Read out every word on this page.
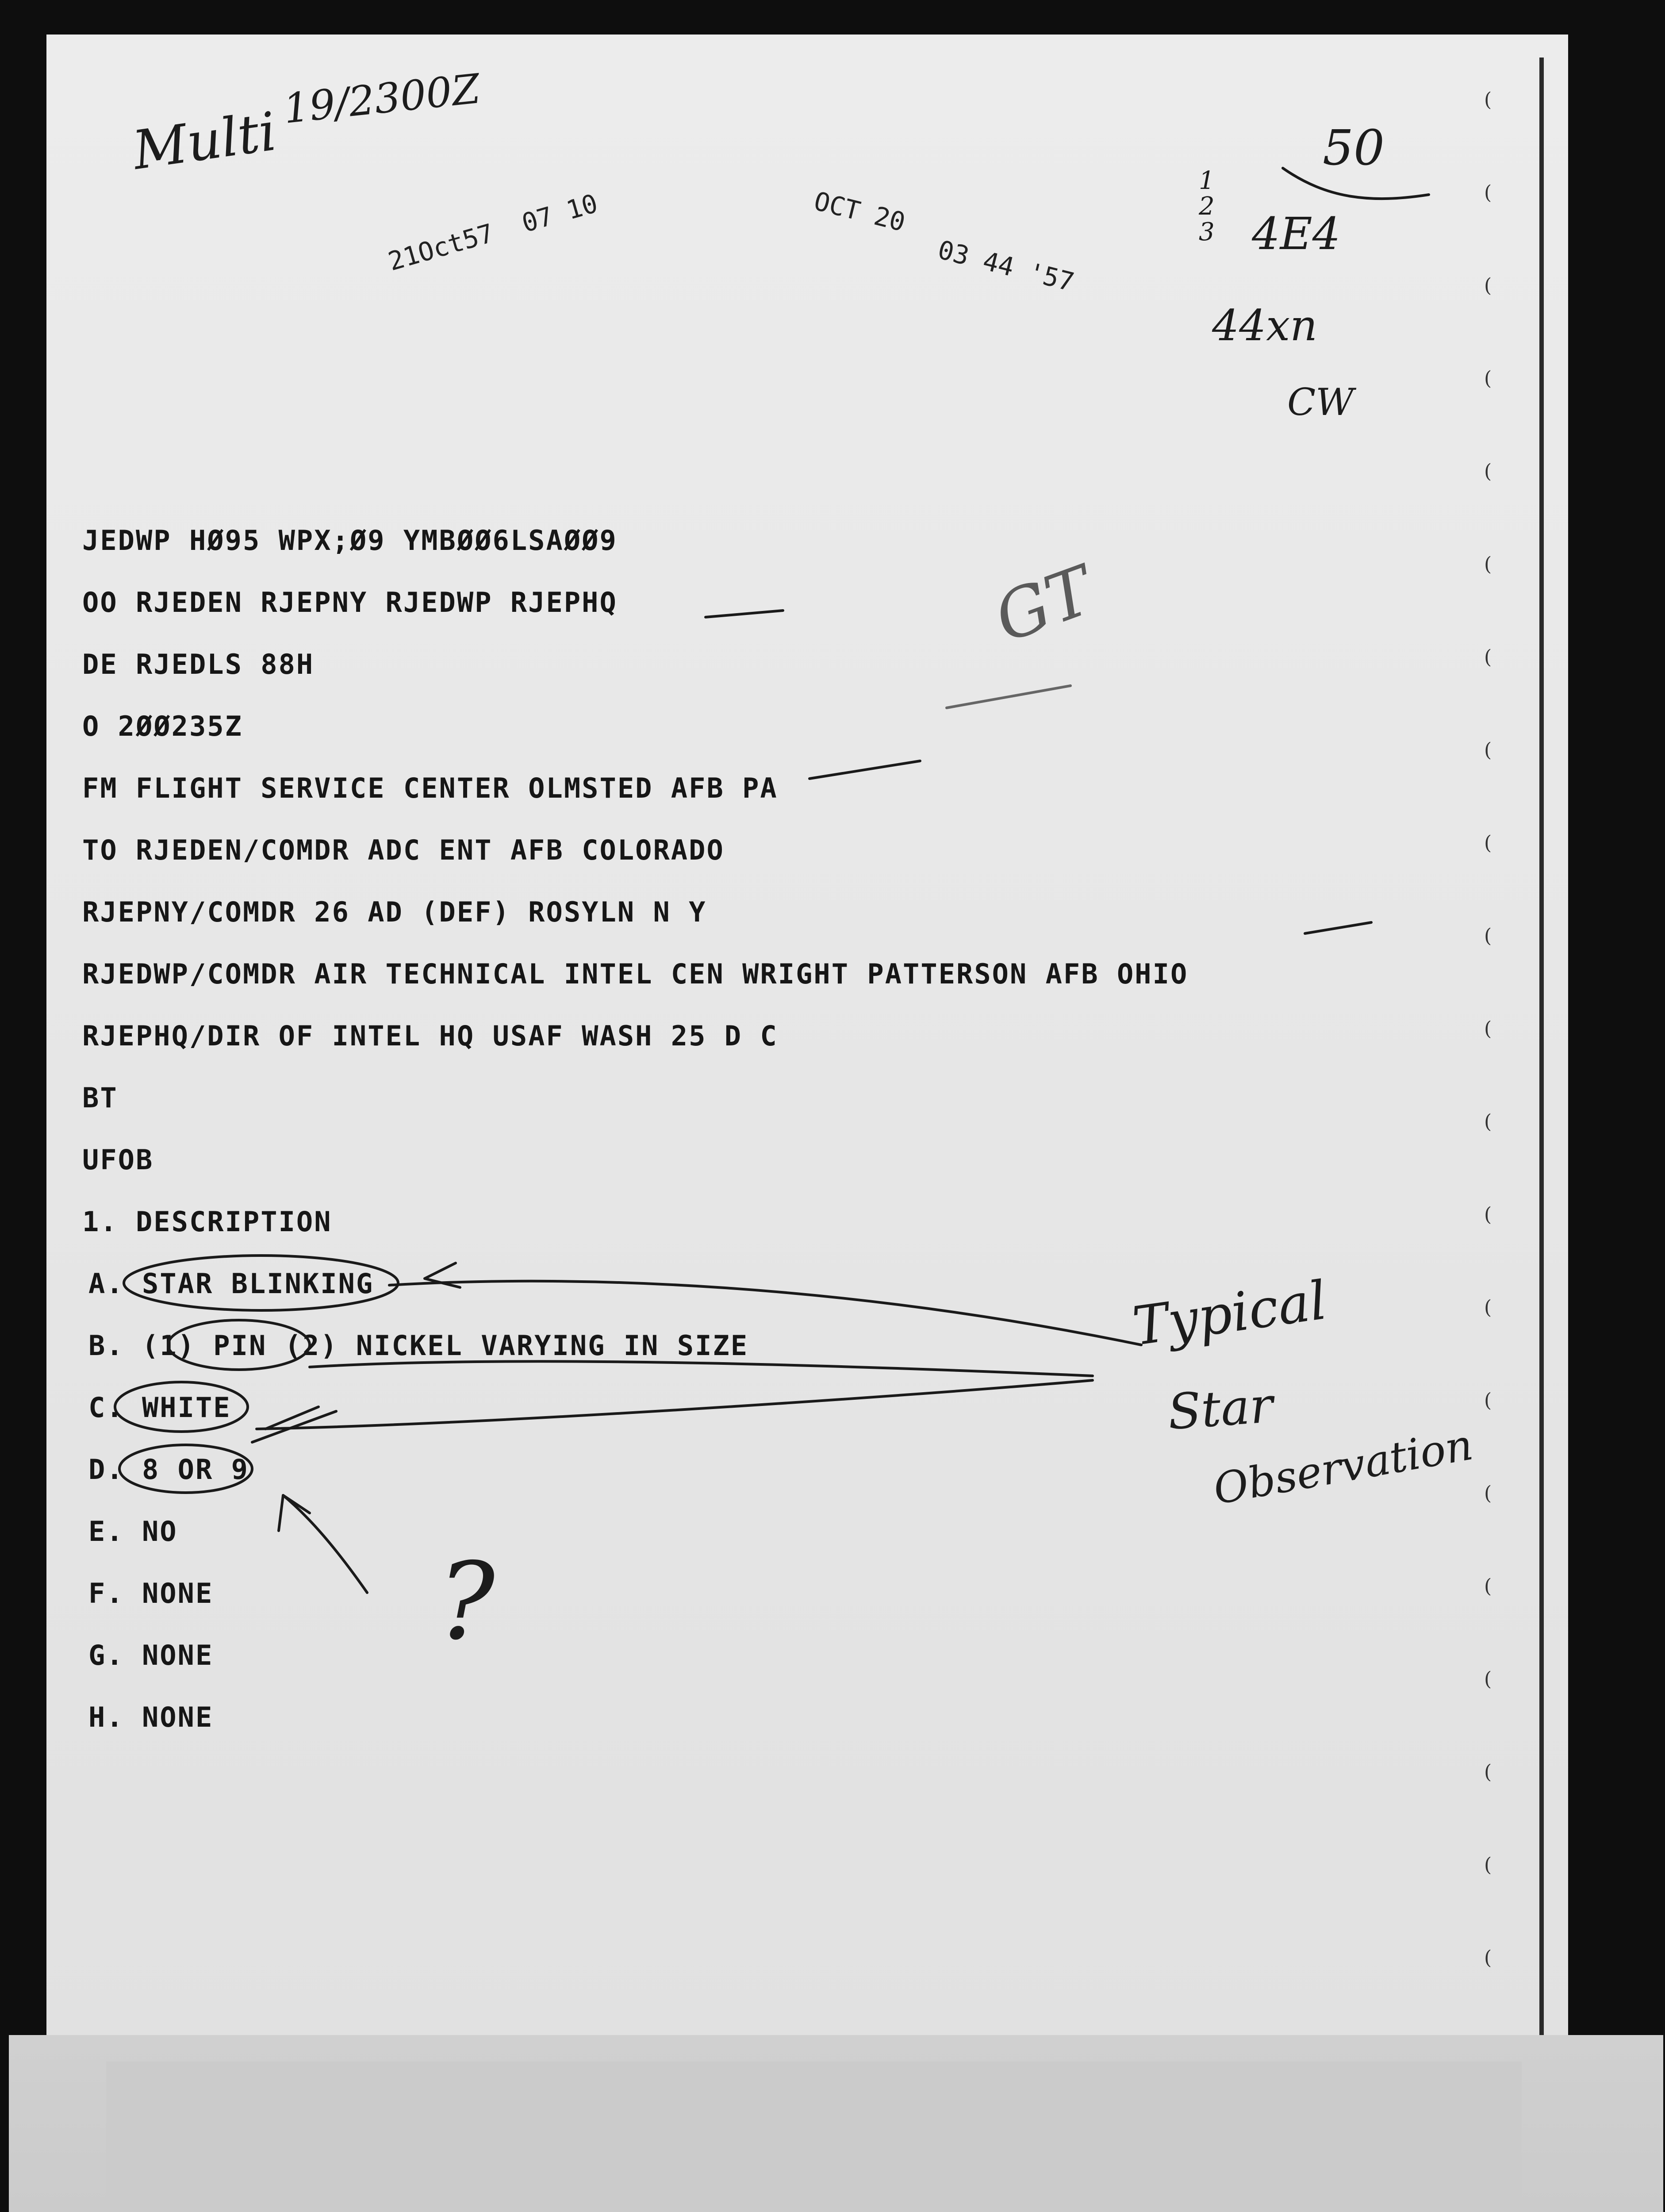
(
(
(
(
(
(
(
(
(
(
(
(
(
(
(
(
(
(
(
(
(
21Oct57  07 10	OCT 20
03 44 '57
Multi
19/2300Z
50
1
2
3 4E4
44xn
CW
GT
Typical
Star
Observation
?
JEDWP HØ95 WPX;Ø9 YMBØØ6LSAØØ9
OO RJEDEN RJEPNY RJEDWP RJEPHQ
DE RJEDLS 88H
O 2ØØ235Z
FM FLIGHT SERVICE CENTER OLMSTED AFB PA
TO RJEDEN/COMDR ADC ENT AFB COLORADO
RJEPNY/COMDR 26 AD (DEF) ROSYLN N Y
RJEDWP/COMDR AIR TECHNICAL INTEL CEN WRIGHT PATTERSON AFB OHIO
RJEPHQ/DIR OF INTEL HQ USAF WASH 25 D C
BT
UFOB
1. DESCRIPTION
A. STAR BLINKING
B. (1) PIN (2) NICKEL VARYING IN SIZE
C. WHITE
D. 8 OR 9
E. NO
F. NONE
G. NONE
H. NONE
